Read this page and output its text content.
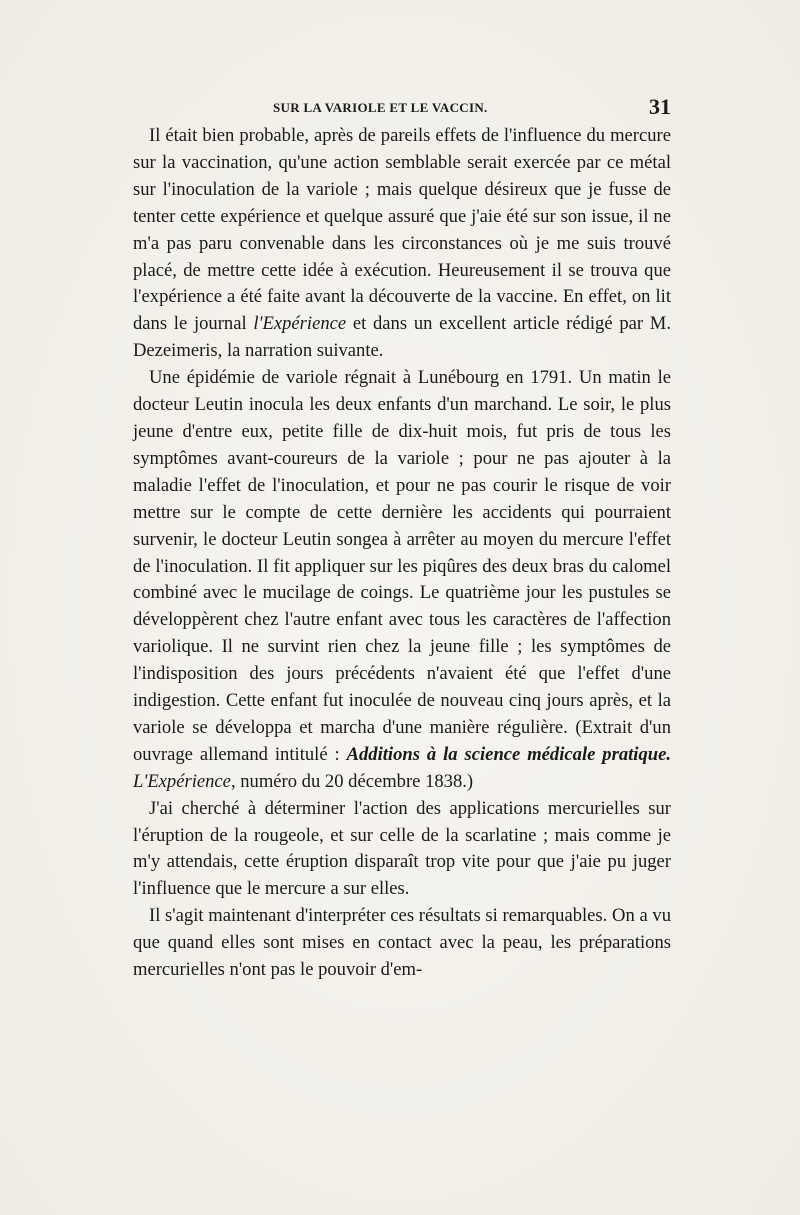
SUR LA VARIOLE ET LE VACCIN.	31

Il était bien probable, après de pareils effets de l'influence du mercure sur la vaccination, qu'une action semblable serait exercée par ce métal sur l'inoculation de la variole ; mais quelque désireux que je fusse de tenter cette expérience et quelque assuré que j'aie été sur son issue, il ne m'a pas paru convenable dans les circonstances où je me suis trouvé placé, de mettre cette idée à exécution. Heureusement il se trouva que l'expérience a été faite avant la découverte de la vaccine. En effet, on lit dans le journal l'Expérience et dans un excellent article rédigé par M. Dezeimeris, la narration suivante.

Une épidémie de variole régnait à Lunébourg en 1791. Un matin le docteur Leutin inocula les deux enfants d'un marchand. Le soir, le plus jeune d'entre eux, petite fille de dix-huit mois, fut pris de tous les symptômes avant-coureurs de la variole ; pour ne pas ajouter à la maladie l'effet de l'inoculation, et pour ne pas courir le risque de voir mettre sur le compte de cette dernière les accidents qui pourraient survenir, le docteur Leutin songea à arrêter au moyen du mercure l'effet de l'inoculation. Il fit appliquer sur les piqûres des deux bras du calomel combiné avec le mucilage de coings. Le quatrième jour les pustules se développèrent chez l'autre enfant avec tous les caractères de l'affection variolique. Il ne survint rien chez la jeune fille ; les symptômes de l'indisposition des jours précédents n'avaient été que l'effet d'une indigestion. Cette enfant fut inoculée de nouveau cinq jours après, et la variole se développa et marcha d'une manière régulière. (Extrait d'un ouvrage allemand intitulé : Additions à la science médicale pratique. L'Expérience, numéro du 20 décembre 1838.)

J'ai cherché à déterminer l'action des applications mercurielles sur l'éruption de la rougeole, et sur celle de la scarlatine ; mais comme je m'y attendais, cette éruption disparaît trop vite pour que j'aie pu juger l'influence que le mercure a sur elles.

Il s'agit maintenant d'interpréter ces résultats si remarquables. On a vu que quand elles sont mises en contact avec la peau, les préparations mercurielles n'ont pas le pouvoir d'em-
